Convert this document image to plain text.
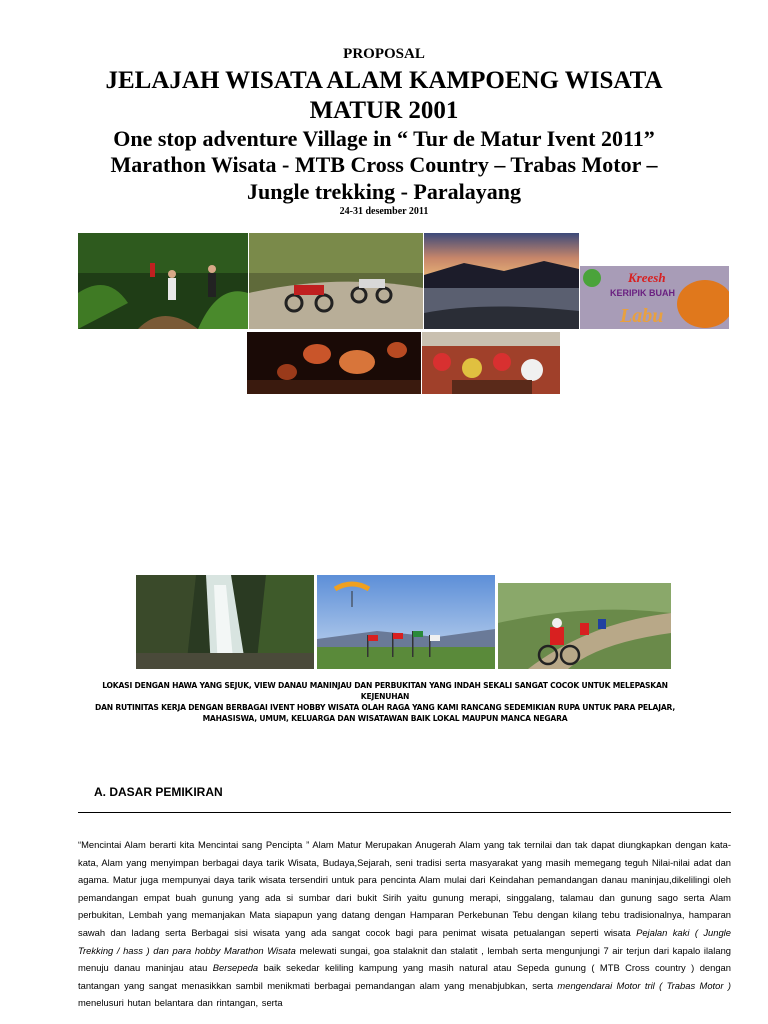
PROPOSAL
JELAJAH WISATA ALAM KAMPOENG WISATA
MATUR 2001
One stop adventure Village in “ Tur de Matur Ivent 2011”
Marathon Wisata - MTB Cross Country – Trabas Motor –
Jungle trekking - Paralayang
24-31 desember 2011
Kreesh
KERIPIK BUAH
Labu
LOKASI DENGAN HAWA YANG SEJUK, VIEW DANAU MANINJAU DAN PERBUKITAN YANG INDAH SEKALI SANGAT COCOK UNTUK MELEPASKAN KEJENUHAN
DAN RUTINITAS KERJA DENGAN BERBAGAI IVENT HOBBY WISATA OLAH RAGA YANG KAMI RANCANG SEDEMIKIAN RUPA UNTUK PARA PELAJAR,
MAHASISWA, UMUM, KELUARGA DAN WISATAWAN BAIK LOKAL MAUPUN MANCA NEGARA
A. DASAR PEMIKIRAN
“Mencintai Alam berarti kita Mencintai sang Pencipta ” Alam Matur Merupakan Anugerah Alam yang tak ternilai dan tak dapat diungkapkan dengan kata-kata, Alam yang menyimpan berbagai daya tarik Wisata, Budaya,Sejarah, seni tradisi serta masyarakat yang masih memegang teguh Nilai-nilai adat dan agama. Matur juga mempunyai daya tarik wisata tersendiri untuk para pencinta Alam mulai dari Keindahan pemandangan danau maninjau,dikelilingi oleh pemandangan empat buah gunung yang ada si sumbar dari bukit Sirih yaitu gunung merapi, singgalang, talamau dan gunung sago serta Alam perbukitan, Lembah yang memanjakan Mata siapapun yang datang dengan Hamparan Perkebunan Tebu dengan kilang tebu tradisionalnya, hamparan sawah dan ladang serta Berbagai sisi wisata yang ada sangat cocok bagi para penimat wisata petualangan seperti wisata Pejalan kaki ( Jungle Trekking / hass ) dan para hobby Marathon Wisata melewati sungai, goa stalaknit dan stalatit , lembah serta mengunjungi 7 air terjun dari kapalo ilalang menuju danau maninjau atau Bersepeda baik sekedar keliling kampung yang masih natural atau Sepeda gunung ( MTB Cross country ) dengan tantangan yang sangat menasikkan sambil menikmati berbagai pemandangan alam yang menabjubkan, serta mengendarai Motor tril ( Trabas Motor ) menelusuri hutan belantara dan rintangan, serta
